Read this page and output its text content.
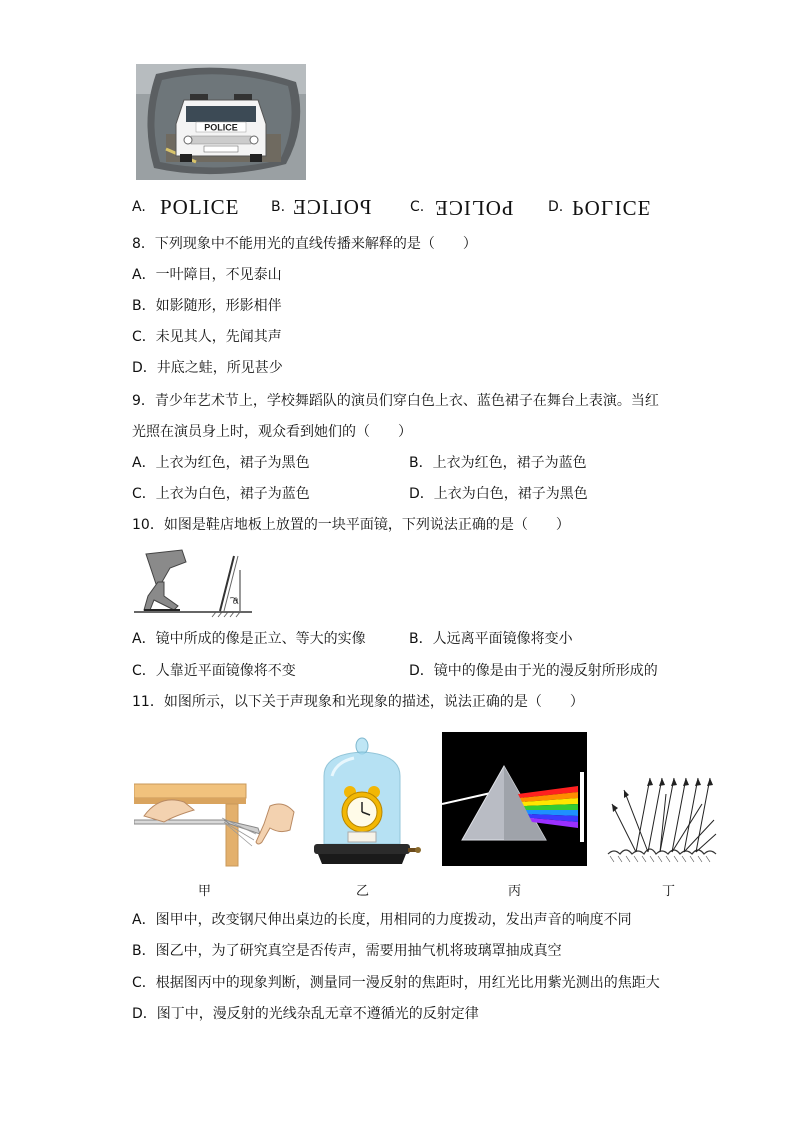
POLICE
A. POLICE B. POLICE	C. POLICE D. POLICE
8．下列现象中不能用光的直线传播来解释的是（　　）
A．一叶障目，不见泰山
B．如影随形，形影相伴
C．未见其人，先闻其声
D．井底之蛙，所见甚少
9．青少年艺术节上，学校舞蹈队的演员们穿白色上衣、蓝色裙子在舞台上表演。当红
光照在演员身上时，观众看到她们的（　　）
A．上衣为红色，裙子为黑色	B．上衣为红色，裙子为蓝色
C．上衣为白色，裙子为蓝色	D．上衣为白色，裙子为黑色
10．如图是鞋店地板上放置的一块平面镜，下列说法正确的是（　　）
θ
A．镜中所成的像是正立、等大的实像	B．人远离平面镜像将变小
C．人靠近平面镜像将不变	D．镜中的像是由于光的漫反射所形成的
11．如图所示，以下关于声现象和光现象的描述，说法正确的是（　　）
甲	乙	丙	丁
A．图甲中，改变钢尺伸出桌边的长度，用相同的力度拨动，发出声音的响度不同
B．图乙中，为了研究真空是否传声，需要用抽气机将玻璃罩抽成真空
C．根据图丙中的现象判断，测量同一漫反射的焦距时，用红光比用紫光测出的焦距大
D．图丁中，漫反射的光线杂乱无章不遵循光的反射定律
